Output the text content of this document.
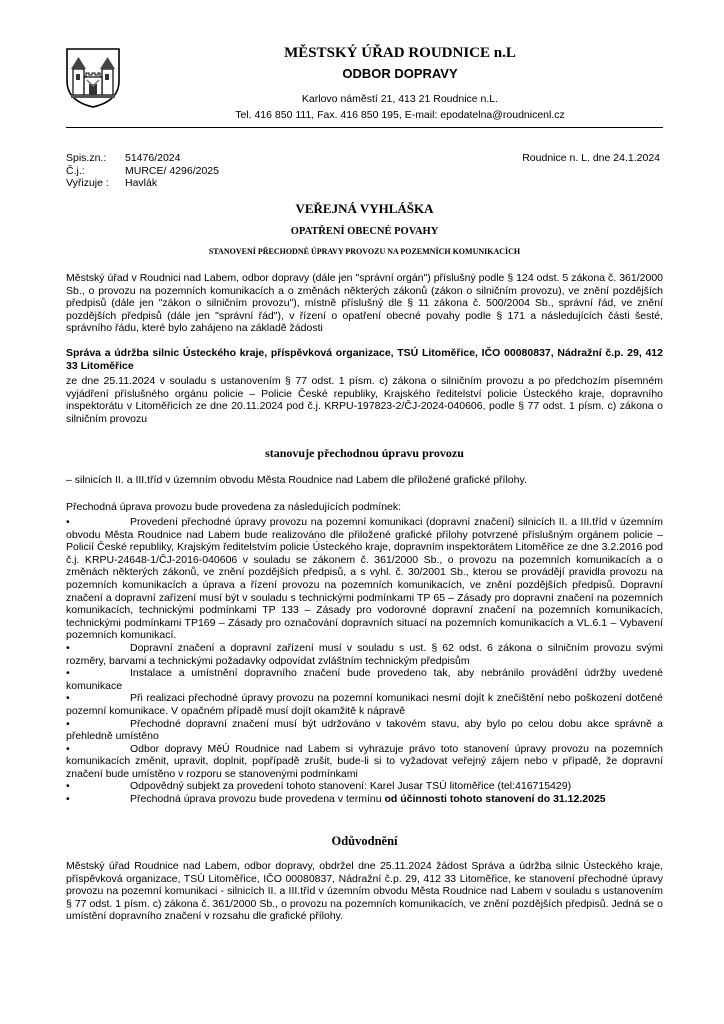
MĚSTSKÝ ÚŘAD ROUDNICE n.L
ODBOR DOPRAVY
Karlovo náměstí 21, 413 21 Roudnice n.L.
Tel. 416 850 111, Fax. 416 850 195, E-mail: epodatelna@roudnicenl.cz
Spis.zn.: 51476/2024
Č.j.:	MURCE/ 4296/2025
Vyřizuje : Havlák
Roudnice n. L. dne 24.1.2024
VEŘEJNÁ VYHLÁŠKA
OPATŘENÍ OBECNÉ POVAHY
STANOVENÍ PŘECHODNÉ ÚPRAVY PROVOZU NA POZEMNÍCH KOMUNIKACÍCH
Městský úřad v Roudnici nad Labem, odbor dopravy (dále jen "správní orgán") příslušný podle § 124 odst. 5 zákona č. 361/2000 Sb., o provozu na pozemních komunikacích a o změnách některých zákonů (zákon o silničním provozu), ve znění pozdějších předpisů (dále jen "zákon o silničním provozu"), místně příslušný dle § 11 zákona č. 500/2004 Sb., správní řád, ve znění pozdějších předpisů (dále jen "správní řád"), v řízení o opatření obecné povahy podle § 171 a následujících části šesté, správního řádu, které bylo zahájeno na základě žádosti
Správa a údržba silnic Ústeckého kraje, příspěvková organizace, TSÚ Litoměřice, IČO 00080837, Nádražní č.p. 29, 412 33 Litoměřice
ze dne 25.11.2024 v souladu s ustanovením § 77 odst. 1 písm. c) zákona o silničním provozu a po předchozím písemném vyjádření příslušného orgánu policie – Policie České republiky, Krajského ředitelství policie Ústeckého kraje, dopravního inspektorátu v Litoměřicích ze dne 20.11.2024 pod č.j. KRPU-197823-2/ČJ-2024-040606, podle § 77 odst. 1 písm. c) zákona o silničním provozu
stanovuje přechodnou úpravu provozu
– silnicích II. a III.tříd v územním obvodu Města Roudnice nad Labem dle přiložené grafické přílohy.
Přechodná úprava provozu bude provedena za následujících podmínek:
•	Provedení přechodné úpravy provozu na pozemní komunikaci (dopravní značení) silnicích II. a III.tříd v územním obvodu Města Roudnice nad Labem bude realizováno dle přiložené grafické přílohy potvrzené příslušným orgánem policie – Policií České republiky, Krajským ředitelstvím policie Ústeckého kraje, dopravním inspektorátem Litoměřice ze dne 3.2.2016 pod č.j. KRPU-24648-1/ČJ-2016-040606 v souladu se zákonem č. 361/2000 Sb., o provozu na pozemních komunikacích a o změnách některých zákonů, ve znění pozdějších předpisů, a s vyhl. č. 30/2001 Sb., kterou se provádějí pravidla provozu na pozemních komunikacích a úprava a řízení provozu na pozemních komunikacích, ve znění pozdějších předpisů. Dopravní značení a dopravní zařízení musí být v souladu s technickými podmínkami TP 65 – Zásady pro dopravní značení na pozemních komunikacích, technickými podmínkami TP 133 – Zásady pro vodorovné dopravní značení na pozemních komunikacích, technickými podmínkami TP169 – Zásady pro označování dopravních situací na pozemních komunikacích a VL.6.1 – Vybavení pozemních komunikací.
•	Dopravní značení a dopravní zařízení musí v souladu s ust. § 62 odst. 6 zákona o silničním provozu svými rozměry, barvami a technickými požadavky odpovídat zvláštním technickým předpisům
•	Instalace a umístnění dopravního značení bude provedeno tak, aby nebránilo provádění údržby uvedené komunikace
•	Při realizaci přechodné úpravy provozu na pozemní komunikaci nesmí dojít k znečištění nebo poškození dotčené pozemní komunikace. V opačném případě musí dojít okamžitě k nápravě
•	Přechodné dopravní značení musí být udržováno v takovém stavu, aby bylo po celou dobu akce správně a přehledně umístěno
•	Odbor dopravy MěÚ Roudnice nad Labem si vyhrazuje právo toto stanovení úpravy provozu na pozemních komunikacích změnit, upravit, doplnit, popřípadě zrušit, bude-li si to vyžadovat veřejný zájem nebo v případě, že dopravní značení bude umístěno v rozporu se stanovenými podmínkami
•	Odpovědný subjekt za provedení tohoto stanovení: Karel Jusar TSÚ litoměřice (tel:416715429)
•	Přechodná úprava provozu bude provedena v termínu od účinnosti tohoto stanovení do 31.12.2025
Odůvodnění
Městský úřad Roudnice nad Labem, odbor dopravy, obdržel dne 25.11.2024 žádost Správa a údržba silnic Ústeckého kraje, příspěvková organizace, TSÚ Litoměřice, IČO 00080837, Nádražní č.p. 29, 412 33 Litoměřice, ke stanovení přechodné úpravy provozu na pozemní komunikaci - silnicích II. a III.tříd v územním obvodu Města Roudnice nad Labem v souladu s ustanovením § 77 odst. 1 písm. c) zákona č. 361/2000 Sb., o provozu na pozemních komunikacích, ve znění pozdějších předpisů. Jedná se o umístění dopravního značení v rozsahu dle grafické přílohy.
